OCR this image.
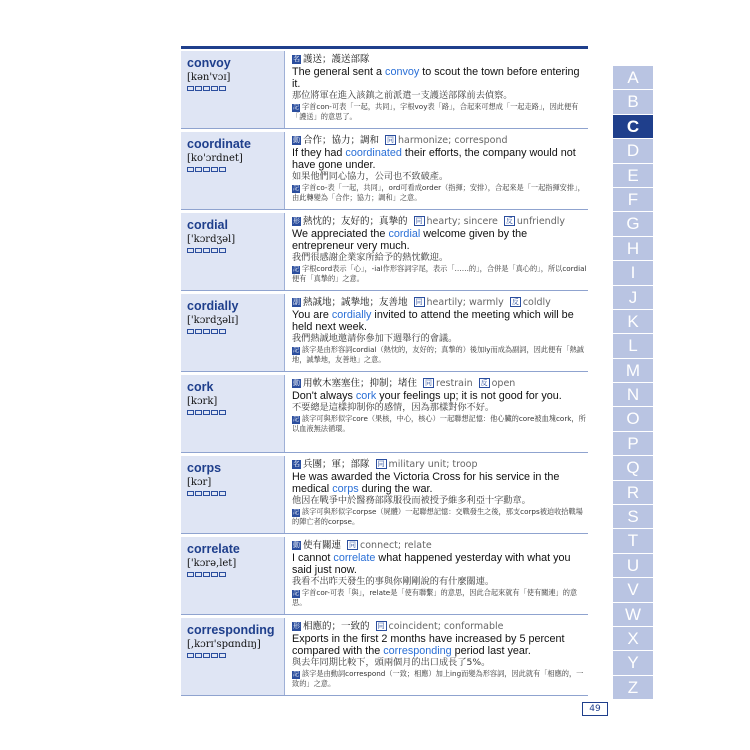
convoy
[kən'vɔɪ]
名 護送；護送部隊
The general sent a convoy to scout the town before entering it.
那位將軍在進入該鎮之前派遣一支護送部隊前去偵察。
記 字首con-可表「一起，共同」，字根voy表「路」，合起來可想成「一起走路」，因此便有「護送」的意思了。
coordinate
[ko'ɔrdnet]
動 合作；協力；調和 同 harmonize; correspond
If they had coordinated their efforts, the company would not have gone under.
如果他們同心協力，公司也不致破產。
記 字首co-表「一起，共同」，ord可看成order（指揮；安排），合起來是「一起指揮安排」，由此轉變為「合作；協力；調和」之意。
cordial
['kɔrdʒəl]
形 熱忱的；友好的；真摯的 同 hearty; sincere 反 unfriendly
We appreciated the cordial welcome given by the entrepreneur very much.
我們很感謝企業家所給予的熱忱歡迎。
記 字根cord表示「心」，-ial作形容詞字尾，表示「……的」，合併是「真心的」，所以cordial便有「真摯的」之意。
cordially
['kɔrdʒəlɪ]
副 熱誠地；誠摯地；友善地 同 heartily; warmly 反 coldly
You are cordially invited to attend the meeting which will be held next week.
我們熱誠地邀請你參加下週舉行的會議。
記 該字是由形容詞cordial（熱忱的，友好的；真摯的）後加ly而成為副詞，因此便有「熱誠地，誠摯地，友善地」之意。
cork
[kɔrk]
動 用軟木塞塞住；抑制；堵住 同 restrain 反 open
Don't always cork your feelings up; it is not good for you.
不要總是這樣抑制你的感情，因為那樣對你不好。
記 該字可與形似字core（果核，中心，核心）一起聯想記憶：他心臟的core被血塊cork，所以血液無法循環。
corps
[kɔr]
名 兵團；軍；部隊 同 military unit; troop
He was awarded the Victoria Cross for his service in the medical corps during the war.
他因在戰爭中於醫務部隊服役而被授予維多利亞十字勳章。
記 該字可與形似字corpse（屍體）一起聯想記憶：交戰發生之後，那支corps被迫收拾戰場的陣亡者的corpse。
correlate
['kɔrə,let]
動 使有關連 同 connect; relate
I cannot correlate what happened yesterday with what you said just now.
我看不出昨天發生的事與你剛剛說的有什麼關連。
記 字首cor-可表「與」，relate是「使有聯繫」的意思，因此合起來就有「使有關連」的意思。
corresponding
[,kɔrɪ'spɑndɪŋ]
形 相應的；一致的 同 coincident; conformable
Exports in the first 2 months have increased by 5 percent compared with the corresponding period last year.
與去年同期比較下，頭兩個月的出口成長了5%。
記 該字是由動詞correspond（一致；相應）加上ing而變為形容詞，因此就有「相應的，一致的」之意。
A
B
C
D
E
F
G
H
I
J
K
L
M
N
O
P
Q
R
S
T
U
V
W
X
Y
Z
49
